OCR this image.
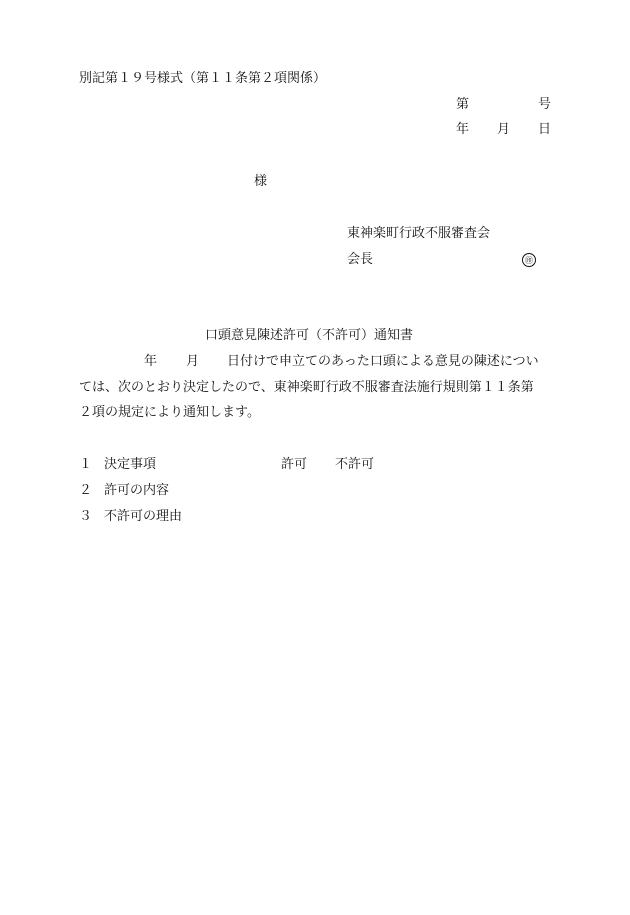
別記第１９号様式（第１１条第２項関係）
第	号
年 月 日
様
東神楽町行政不服審査会
会長	㊞
口頭意見陳述許可（不許可）通知書
年 月 日付けで申立てのあった口頭による意見の陳述につい
ては、次のとおり決定したので、東神楽町行政不服審査法施行規則第１１条第
２項の規定により通知します。
１ 決定事項	許可 不許可
２ 許可の内容
３ 不許可の理由
